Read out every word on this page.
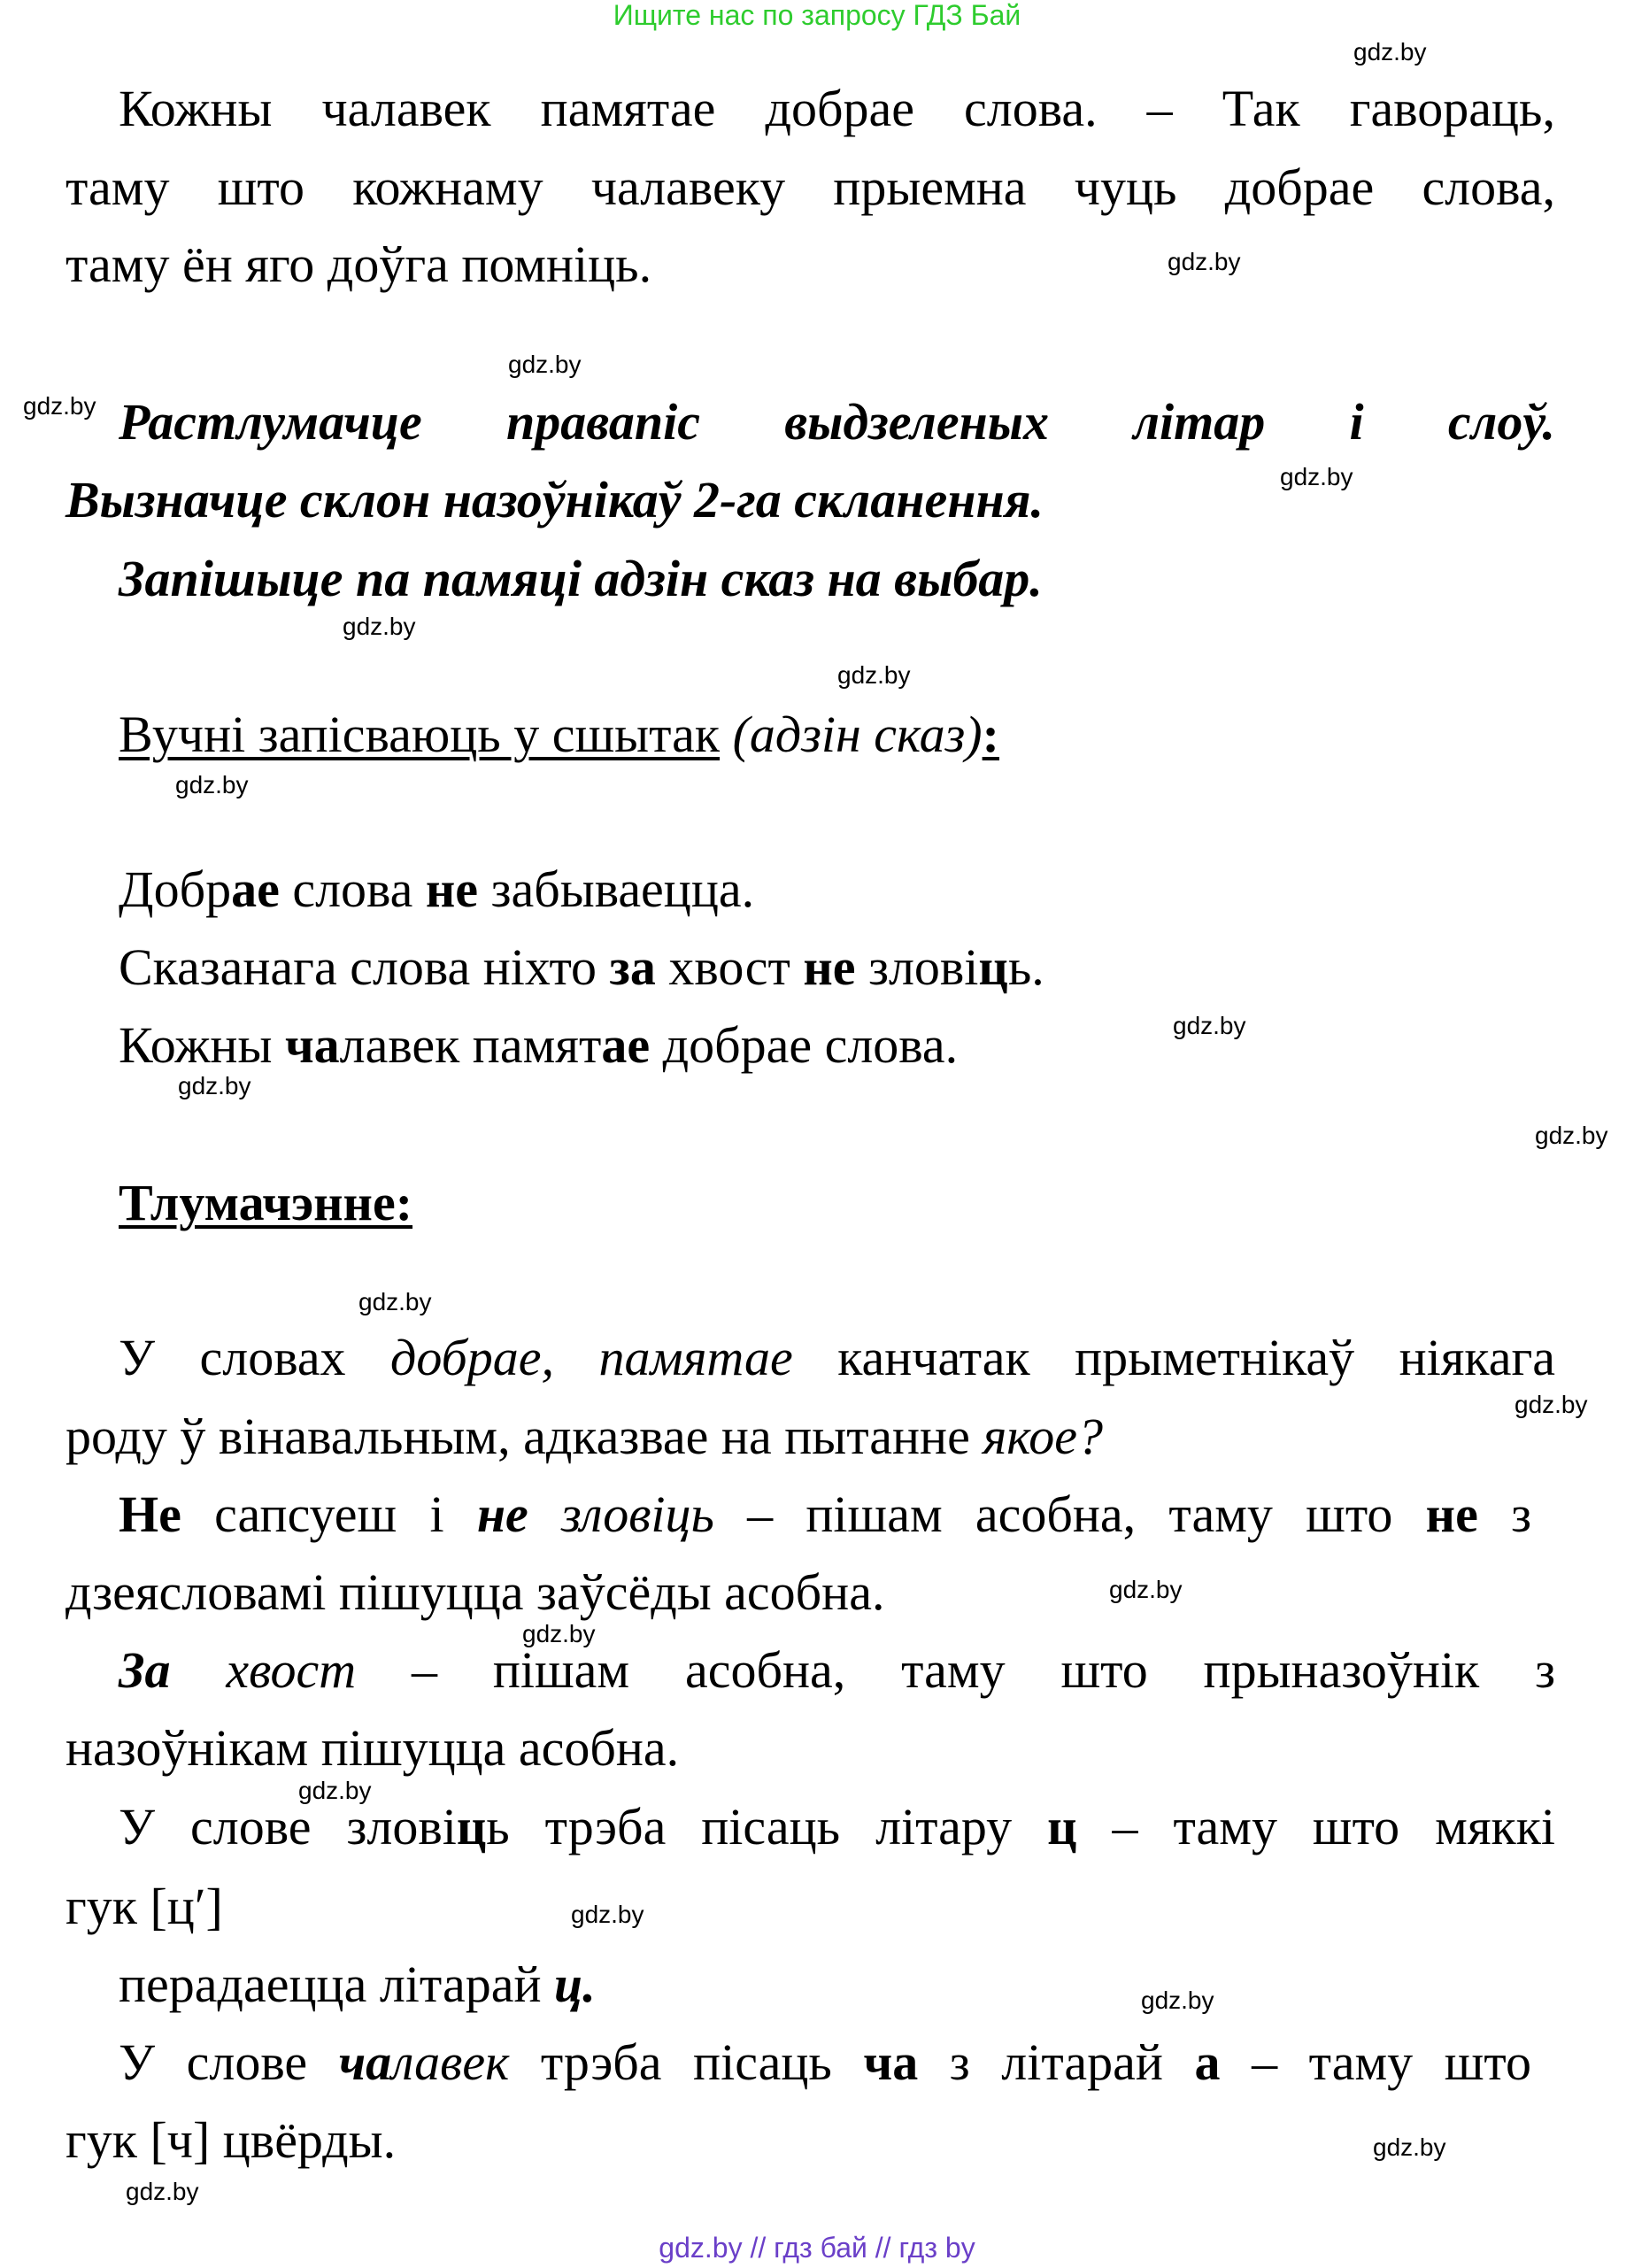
Ищите нас по запросу ГДЗ Бай
Кожны чалавек памятае добрае слова. – Так гавораць,
таму што кожнаму чалавеку прыемна чуць добрае слова,
таму ён яго доўга помніць.
Растлумачце правапіс выдзеленых літар і слоў.
Вызначце склон назоўнікаў 2-га скланення.
Запішыце па памяці адзін сказ на выбар.
Вучні запісваюць у сшытак (адзін сказ):
Добрае слова не забываецца.
Сказанага слова ніхто за хвост не зловіць.
Кожны чалавек памятае добрае слова.
Тлумачэнне:
У словах добрае, памятае канчатак прыметнікаў ніякага
роду ў вінавальным, адказвае на пытанне якое?
Не сапсуеш і не зловіць – пішам асобна, таму што не з
дзеясловамі пішуцца заўсёды асобна.
За хвост – пішам асобна, таму што прыназоўнік з
назоўнікам пішуцца асобна.
У слове зловіць трэба пісаць літару ц – таму што мяккі
гук [ц′]
перадаецца літарай ц.
У слове чалавек трэба пісаць ча з літарай а – таму што
гук [ч] цвёрды.
gdz.by
gdz.by
gdz.by
gdz.by
gdz.by
gdz.by
gdz.by
gdz.by
gdz.by
gdz.by
gdz.by
gdz.by
gdz.by
gdz.by
gdz.by
gdz.by
gdz.by
gdz.by
gdz.by
gdz.by
gdz.by // гдз бай // гдз by
